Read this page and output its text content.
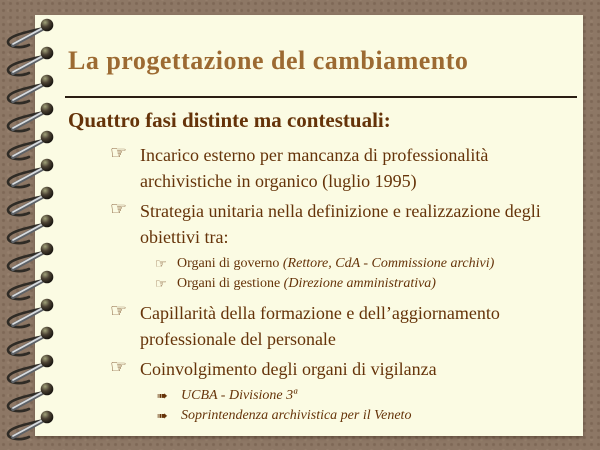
La progettazione del cambiamento
Quattro fasi distinte ma contestuali:
☞ Incarico esterno per mancanza di professionalità archivistiche in organico (luglio 1995)
☞ Strategia unitaria nella definizione e realizzazione degli obiettivi tra:
☞ Organi di governo (Rettore, CdA - Commissione archivi)
☞ Organi di gestione (Direzione amministrativa)
☞ Capillarità della formazione e dell’aggiornamento professionale del personale
☞ Coinvolgimento degli organi di vigilanza
➠ UCBA - Divisione 3ª
➠ Soprintendenza archivistica per il Veneto
